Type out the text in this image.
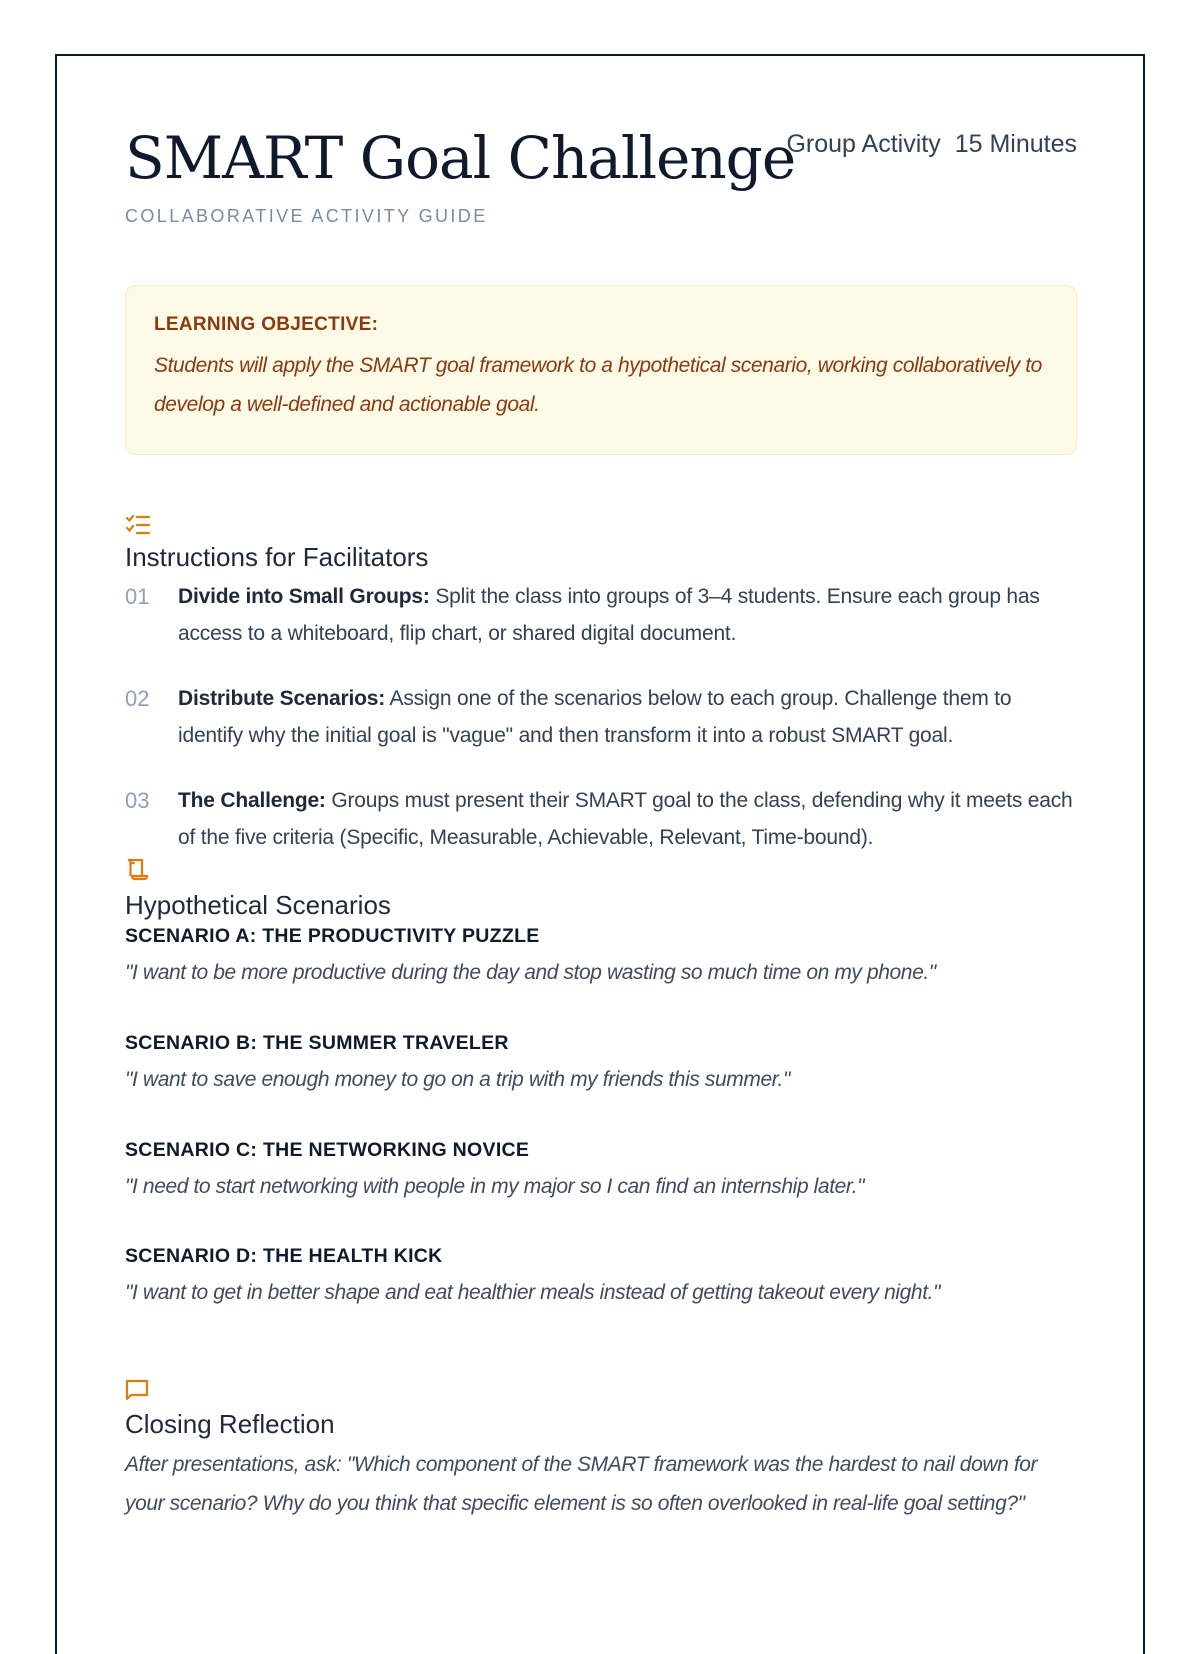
SMART Goal Challenge
Group Activity 15 Minutes
COLLABORATIVE ACTIVITY GUIDE
LEARNING OBJECTIVE:
Students will apply the SMART goal framework to a hypothetical scenario, working collaboratively to develop a well-defined and actionable goal.
Instructions for Facilitators
01	Divide into Small Groups: Split the class into groups of 3–4 students. Ensure each group has access to a whiteboard, flip chart, or shared digital document.
02	Distribute Scenarios: Assign one of the scenarios below to each group. Challenge them to identify why the initial goal is "vague" and then transform it into a robust SMART goal.
03	The Challenge: Groups must present their SMART goal to the class, defending why it meets each of the five criteria (Specific, Measurable, Achievable, Relevant, Time-bound).
Hypothetical Scenarios
SCENARIO A: THE PRODUCTIVITY PUZZLE
"I want to be more productive during the day and stop wasting so much time on my phone."
SCENARIO B: THE SUMMER TRAVELER
"I want to save enough money to go on a trip with my friends this summer."
SCENARIO C: THE NETWORKING NOVICE
"I need to start networking with people in my major so I can find an internship later."
SCENARIO D: THE HEALTH KICK
"I want to get in better shape and eat healthier meals instead of getting takeout every night."
Closing Reflection
After presentations, ask: "Which component of the SMART framework was the hardest to nail down for your scenario? Why do you think that specific element is so often overlooked in real-life goal setting?"
